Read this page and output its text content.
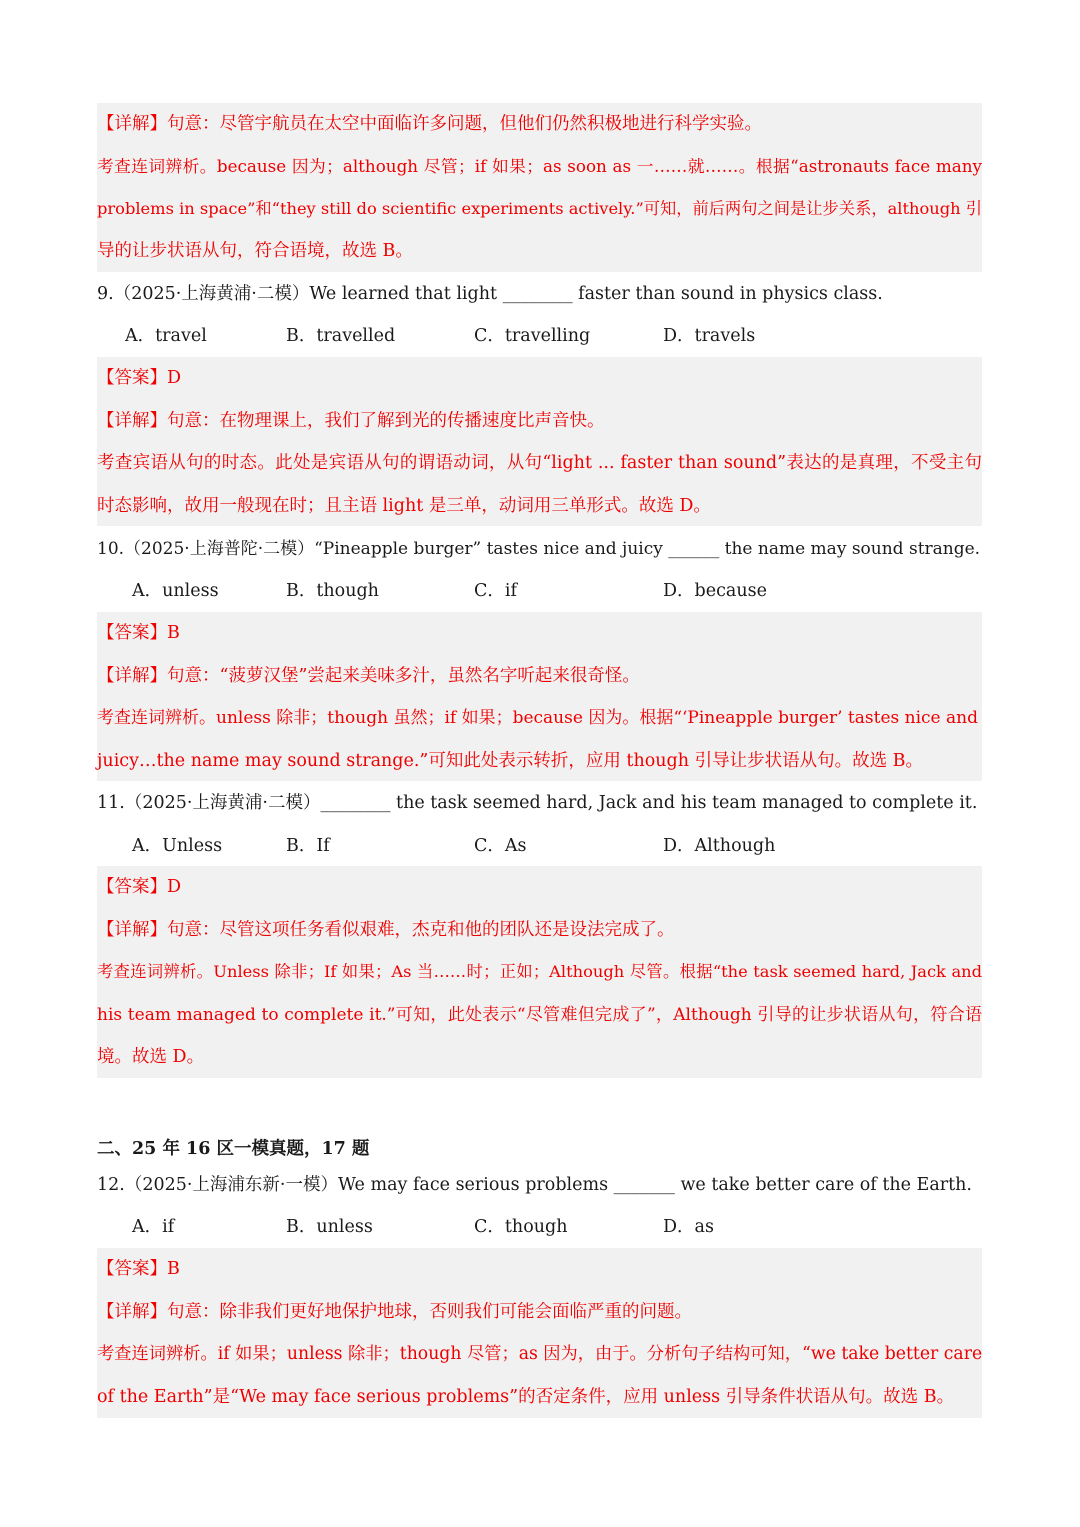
【详解】句意：尽管宇航员在太空中面临许多问题，但他们仍然积极地进行科学实验。
考查连词辨析。because 因为；although 尽管；if 如果；as soon as 一……就……。根据“astronauts face many
problems in space”和“they still do scientific experiments actively.”可知，前后两句之间是让步关系，although 引
导的让步状语从句，符合语境，故选 B。
9.（2025·上海黄浦·二模）We learned that light ________ faster than sound in physics class.
A．travel	B．travelled	C．travelling	D．travels
【答案】D
【详解】句意：在物理课上，我们了解到光的传播速度比声音快。
考查宾语从句的时态。此处是宾语从句的谓语动词，从句“light ... faster than sound”表达的是真理，不受主句
时态影响，故用一般现在时；且主语 light 是三单，动词用三单形式。故选 D。
10.（2025·上海普陀·二模）“Pineapple burger” tastes nice and juicy ______ the name may sound strange.
A．unless	B．though	C．if	D．because
【答案】B
【详解】句意：“菠萝汉堡”尝起来美味多汁，虽然名字听起来很奇怪。
考查连词辨析。unless 除非；though 虽然；if 如果；because 因为。根据“‘Pineapple burger’ tastes nice and
juicy…the name may sound strange.”可知此处表示转折，应用 though 引导让步状语从句。故选 B。
11.（2025·上海黄浦·二模）________ the task seemed hard, Jack and his team managed to complete it.
A．Unless	B．If	C．As	D．Although
【答案】D
【详解】句意：尽管这项任务看似艰难，杰克和他的团队还是设法完成了。
考查连词辨析。Unless 除非；If 如果；As 当……时；正如；Although 尽管。根据“the task seemed hard, Jack and
his team managed to complete it.”可知，此处表示“尽管难但完成了”，Although 引导的让步状语从句，符合语
境。故选 D。
二、25 年 16 区一模真题，17 题
12.（2025·上海浦东新·一模）We may face serious problems _______ we take better care of the Earth.
A．if	B．unless	C．though	D．as
【答案】B
【详解】句意：除非我们更好地保护地球，否则我们可能会面临严重的问题。
考查连词辨析。if 如果；unless 除非；though 尽管；as 因为，由于。分析句子结构可知，“we take better care
of the Earth”是“We may face serious problems”的否定条件，应用 unless 引导条件状语从句。故选 B。
